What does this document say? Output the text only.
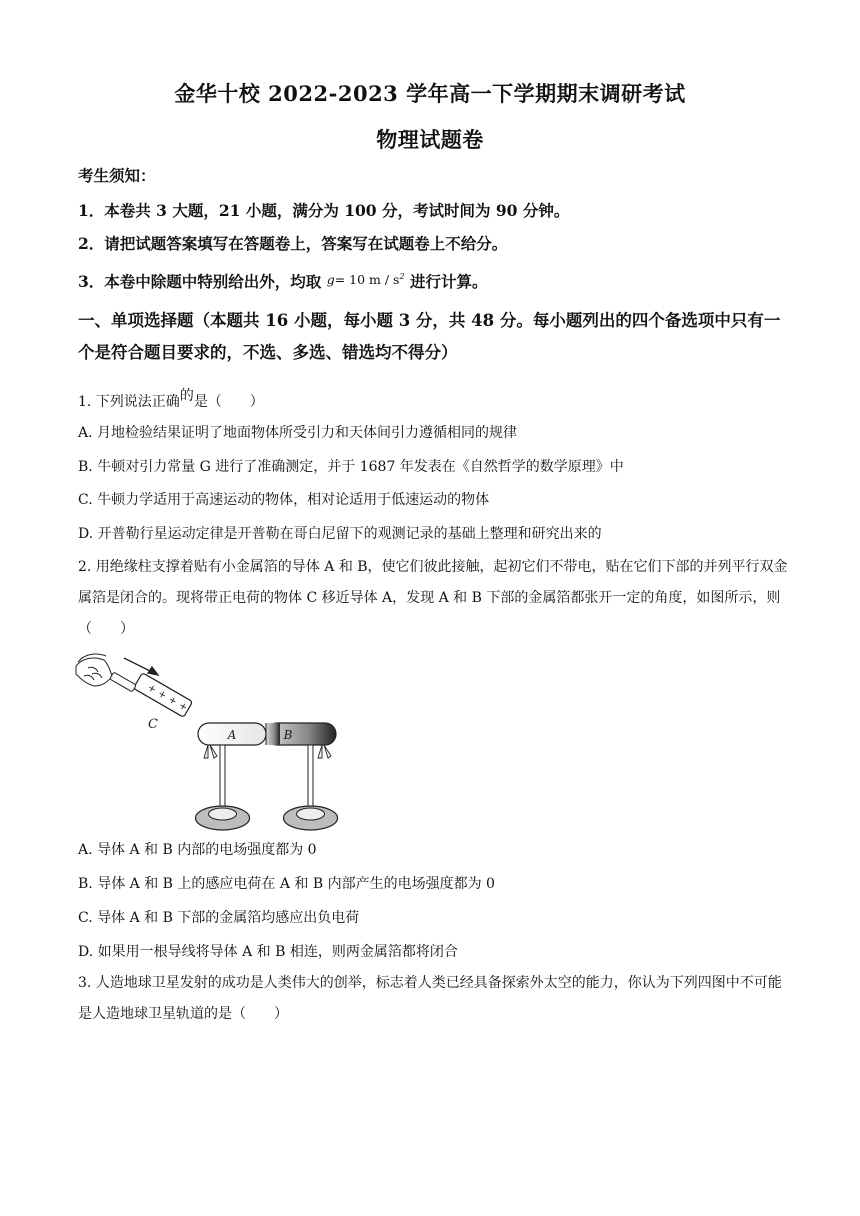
金华十校 2022-2023 学年高一下学期期末调研考试
物理试题卷
考生须知：
1．本卷共 3 大题，21 小题，满分为 100 分，考试时间为 90 分钟。
2．请把试题答案填写在答题卷上，答案写在试题卷上不给分。
3．本卷中除题中特别给出外，均取 g= 10 m / $s^2$ 进行计算。
一、单项选择题（本题共 16 小题，每小题 3 分，共 48 分。每小题列出的四个备选项中只有一个是符合题目要求的，不选、多选、错选均不得分）
1. 下列说法正确的是（　　）
A. 月地检验结果证明了地面物体所受引力和天体间引力遵循相同的规律
B. 牛顿对引力常量 G 进行了准确测定，并于 1687 年发表在《自然哲学的数学原理》中
C. 牛顿力学适用于高速运动的物体，相对论适用于低速运动的物体
D. 开普勒行星运动定律是开普勒在哥白尼留下的观测记录的基础上整理和研究出来的
2. 用绝缘柱支撑着贴有小金属箔的导体 A 和 B，使它们彼此接触，起初它们不带电，贴在它们下部的并列平行双金属箔是闭合的。现将带正电荷的物体 C 移近导体 A，发现 A 和 B 下部的金属箔都张开一定的角度，如图所示，则（　　）
+
+
+
+
C
A	B
A. 导体 A 和 B 内部的电场强度都为 0
B. 导体 A 和 B 上的感应电荷在 A 和 B 内部产生的电场强度都为 0
C. 导体 A 和 B 下部的金属箔均感应出负电荷
D. 如果用一根导线将导体 A 和 B 相连，则两金属箔都将闭合
3. 人造地球卫星发射的成功是人类伟大的创举，标志着人类已经具备探索外太空的能力，你认为下列四图中不可能是人造地球卫星轨道的是（　　）
